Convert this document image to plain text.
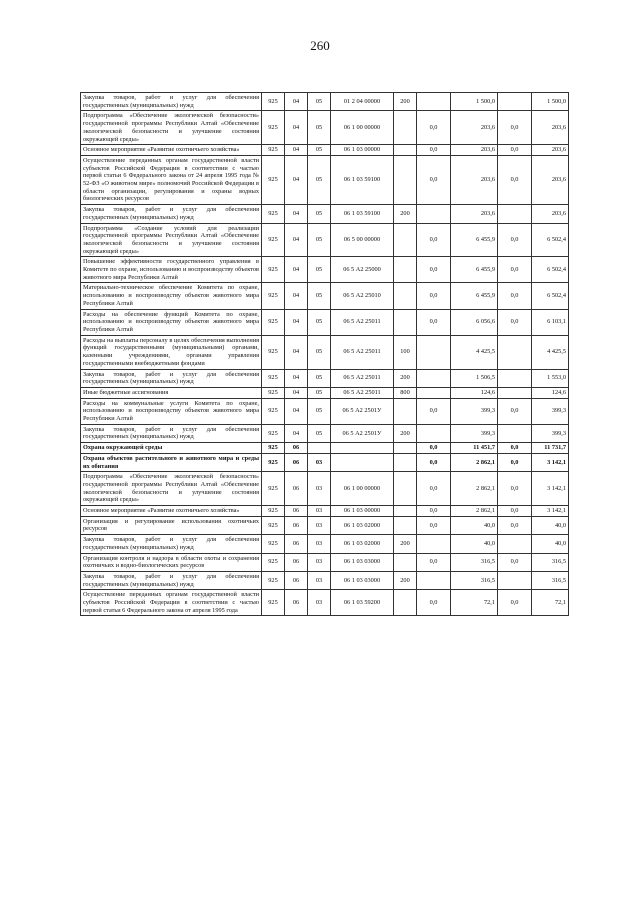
260
Закупка товаров, работ и услуг для обеспечения государственных (муниципальных) нужд	925	04	05	01 2 04 00000	200		1 500,0		1 500,0
Подпрограмма «Обеспечение экологической безопасности» государственной программы Республики Алтай «Обеспечение экологической безопасности и улучшение состояния окружающей среды»	925	04	05	06 1 00 00000		0,0	203,6	0,0	203,6
Основное мероприятие «Развитие охотничьего хозяйства»	925	04	05	06 1 03 00000		0,0	203,6	0,0	203,6
Осуществление переданных органам государственной власти субъектов Российской Федерации в соответствии с частью первой статьи 6 Федерального закона от 24 апреля 1995 года № 52-ФЗ «О животном мире» полномочий Российской Федерации в области организации, регулирования и охраны водных биологических ресурсов	925	04	05	06 1 03 59100		0,0	203,6	0,0	203,6
Закупка товаров, работ и услуг для обеспечения государственных (муниципальных) нужд	925	04	05	06 1 03 59100	200		203,6		203,6
Подпрограмма «Создание условий для реализации государственной программы Республики Алтай «Обеспечение экологической безопасности и улучшение состояния окружающей среды»	925	04	05	06 5 00 00000		0,0	6 455,9	0,0	6 502,4
Повышение эффективности государственного управления в Комитете по охране, использованию и воспроизводству объектов животного мира Республики Алтай	925	04	05	06 5 А2 25000		0,0	6 455,9	0,0	6 502,4
Материально-техническое обеспечение Комитета по охране, использованию и воспроизводству объектов животного мира Республики Алтай	925	04	05	06 5 А2 25010		0,0	6 455,9	0,0	6 502,4
Расходы на обеспечение функций Комитета по охране, использованию и воспроизводству объектов животного мира Республики Алтай	925	04	05	06 5 А2 25011		0,0	6 056,6	0,0	6 103,1
Расходы на выплаты персоналу в целях обеспечения выполнения функций государственными (муниципальными) органами, казенными учреждениями, органами управления государственными внебюджетными фондами	925	04	05	06 5 А2 25011	100		4 425,5		4 425,5
Закупка товаров, работ и услуг для обеспечения государственных (муниципальных) нужд	925	04	05	06 5 А2 25011	200		1 506,5		1 553,0
Иные бюджетные ассигнования	925	04	05	06 5 А2 25011	800		124,6		124,6
Расходы на коммунальные услуги Комитета по охране, использованию и воспроизводству объектов животного мира Республики Алтай	925	04	05	06 5 А2 2501У		0,0	399,3	0,0	399,3
Закупка товаров, работ и услуг для обеспечения государственных (муниципальных) нужд	925	04	05	06 5 А2 2501У	200		399,3		399,3
Охрана окружающей среды	925	06				0,0	11 451,7	0,0	11 731,7
Охрана объектов растительного и животного мира и среды их обитания	925	06	03			0,0	2 862,1	0,0	3 142,1
Подпрограмма «Обеспечение экологической безопасности» государственной программы Республики Алтай «Обеспечение экологической безопасности и улучшение состояния окружающей среды»	925	06	03	06 1 00 00000		0,0	2 862,1	0,0	3 142,1
Основное мероприятие «Развитие охотничьего хозяйства»	925	06	03	06 1 03 00000		0,0	2 862,1	0,0	3 142,1
Организация и регулирование использования охотничьих ресурсов	925	06	03	06 1 03 02000		0,0	40,0	0,0	40,0
Закупка товаров, работ и услуг для обеспечения государственных (муниципальных) нужд	925	06	03	06 1 03 02000	200		40,0		40,0
Организация контроля и надзора в области охоты и сохранения охотничьих и водно-биологических ресурсов	925	06	03	06 1 03 03000		0,0	316,5	0,0	316,5
Закупка товаров, работ и услуг для обеспечения государственных (муниципальных) нужд	925	06	03	06 1 03 03000	200		316,5		316,5
Осуществление переданных органам государственной власти субъектов Российской Федерации в соответствии с частью первой статьи 6 Федерального закона от апреля 1995 года	925	06	03	06 1 03 59200		0,0	72,1	0,0	72,1
